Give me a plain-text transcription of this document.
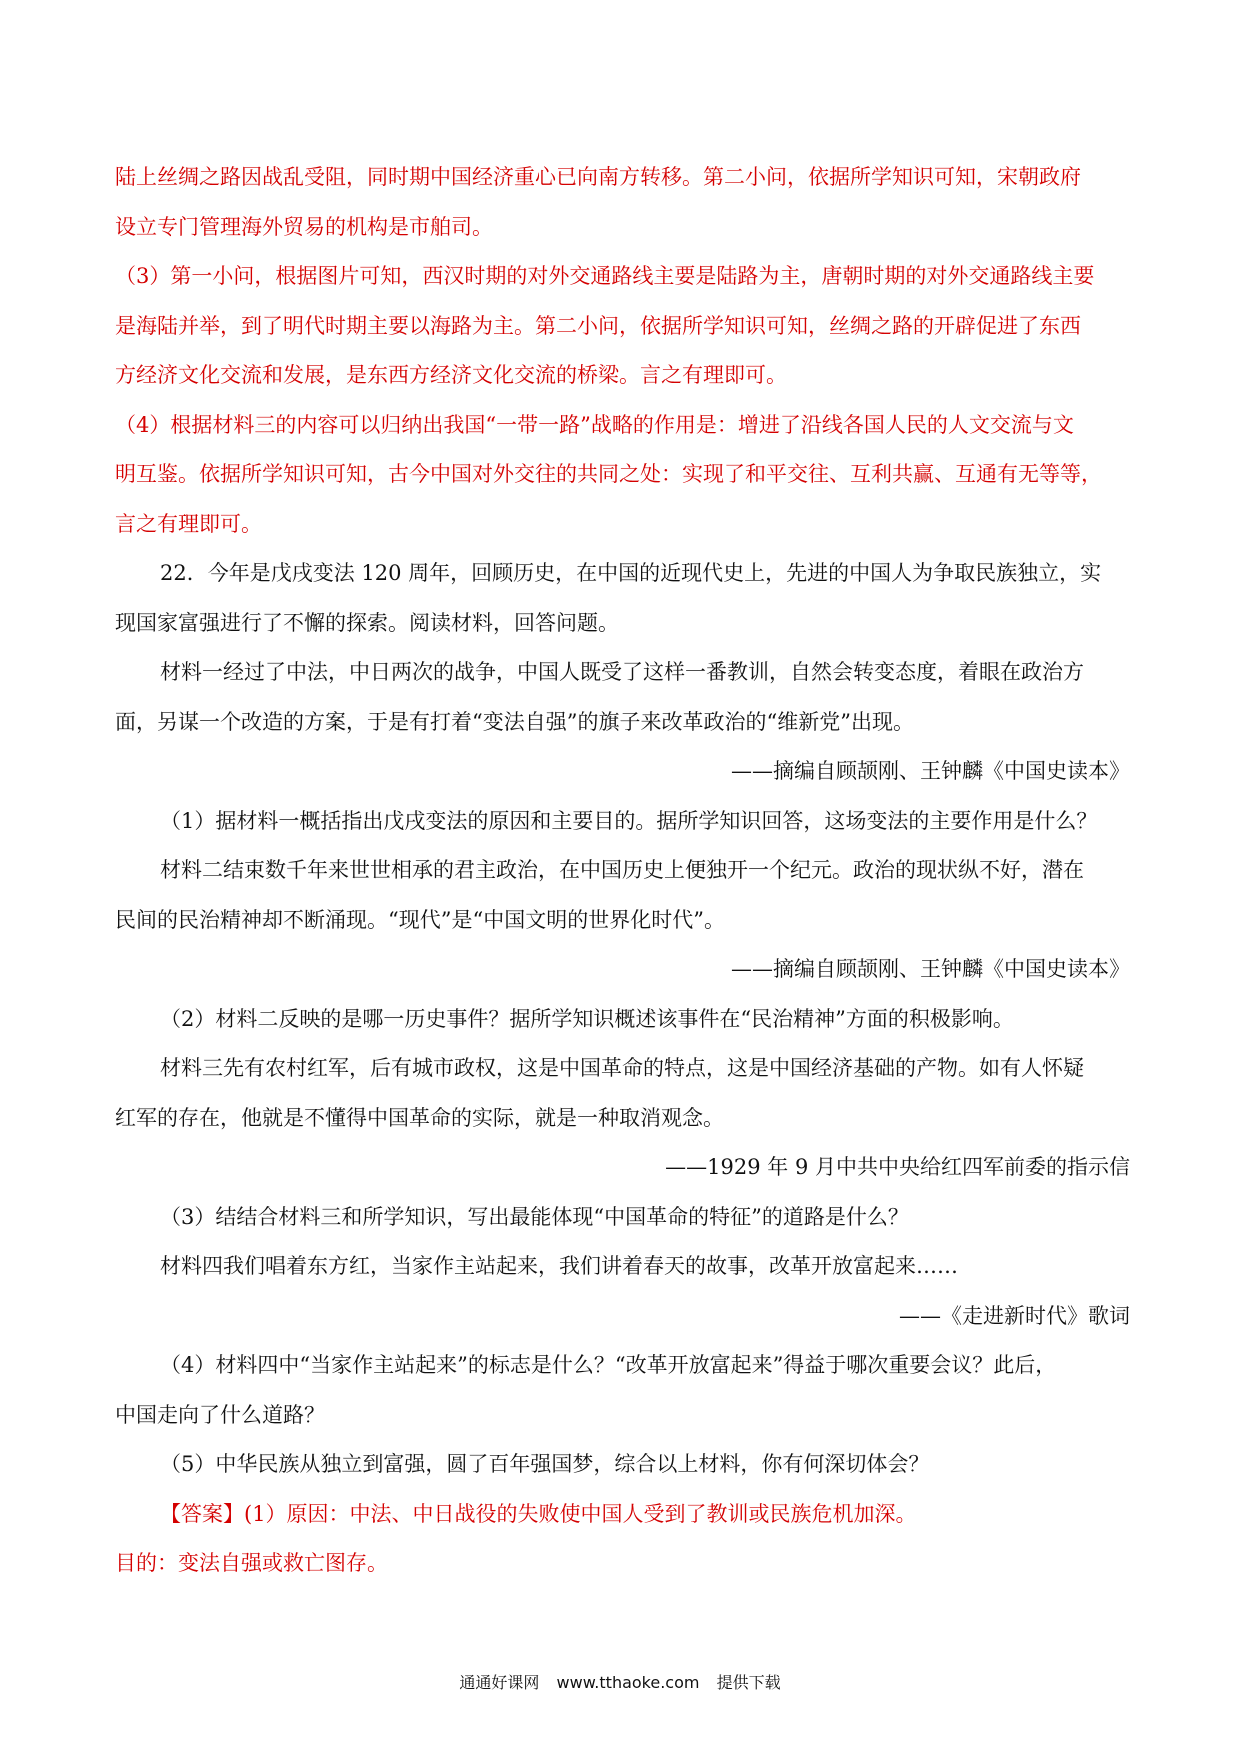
陆上丝绸之路因战乱受阻，同时期中国经济重心已向南方转移。第二小问，依据所学知识可知，宋朝政府
设立专门管理海外贸易的机构是市舶司。
（3）第一小问，根据图片可知，西汉时期的对外交通路线主要是陆路为主，唐朝时期的对外交通路线主要
是海陆并举，到了明代时期主要以海路为主。第二小问，依据所学知识可知，丝绸之路的开辟促进了东西
方经济文化交流和发展，是东西方经济文化交流的桥梁。言之有理即可。
（4）根据材料三的内容可以归纳出我国“一带一路”战略的作用是：增进了沿线各国人民的人文交流与文
明互鉴。依据所学知识可知，古今中国对外交往的共同之处：实现了和平交往、互利共赢、互通有无等等，
言之有理即可。
22．今年是戊戌变法 120 周年，回顾历史，在中国的近现代史上，先进的中国人为争取民族独立，实
现国家富强进行了不懈的探索。阅读材料，回答问题。
材料一经过了中法，中日两次的战争，中国人既受了这样一番教训，自然会转变态度，着眼在政治方
面，另谋一个改造的方案，于是有打着“变法自强”的旗子来改革政治的“维新党”出现。
——摘编自顾颉刚、王钟麟《中国史读本》
（1）据材料一概括指出戊戌变法的原因和主要目的。据所学知识回答，这场变法的主要作用是什么？
材料二结束数千年来世世相承的君主政治，在中国历史上便独开一个纪元。政治的现状纵不好，潜在
民间的民治精神却不断涌现。“现代”是“中国文明的世界化时代”。
——摘编自顾颉刚、王钟麟《中国史读本》
（2）材料二反映的是哪一历史事件？据所学知识概述该事件在“民治精神”方面的积极影响。
材料三先有农村红军，后有城市政权，这是中国革命的特点，这是中国经济基础的产物。如有人怀疑
红军的存在，他就是不懂得中国革命的实际，就是一种取消观念。
——1929 年 9 月中共中央给红四军前委的指示信
（3）结结合材料三和所学知识，写出最能体现“中国革命的特征”的道路是什么？
材料四我们唱着东方红，当家作主站起来，我们讲着春天的故事，改革开放富起来……
——《走进新时代》歌词
（4）材料四中“当家作主站起来”的标志是什么？“改革开放富起来”得益于哪次重要会议？此后，
中国走向了什么道路？
（5）中华民族从独立到富强，圆了百年强国梦，综合以上材料，你有何深切体会？
【答案】(1）原因：中法、中日战役的失败使中国人受到了教训或民族危机加深。
目的：变法自强或救亡图存。
通通好课网 www.tthaoke.com 提供下载
